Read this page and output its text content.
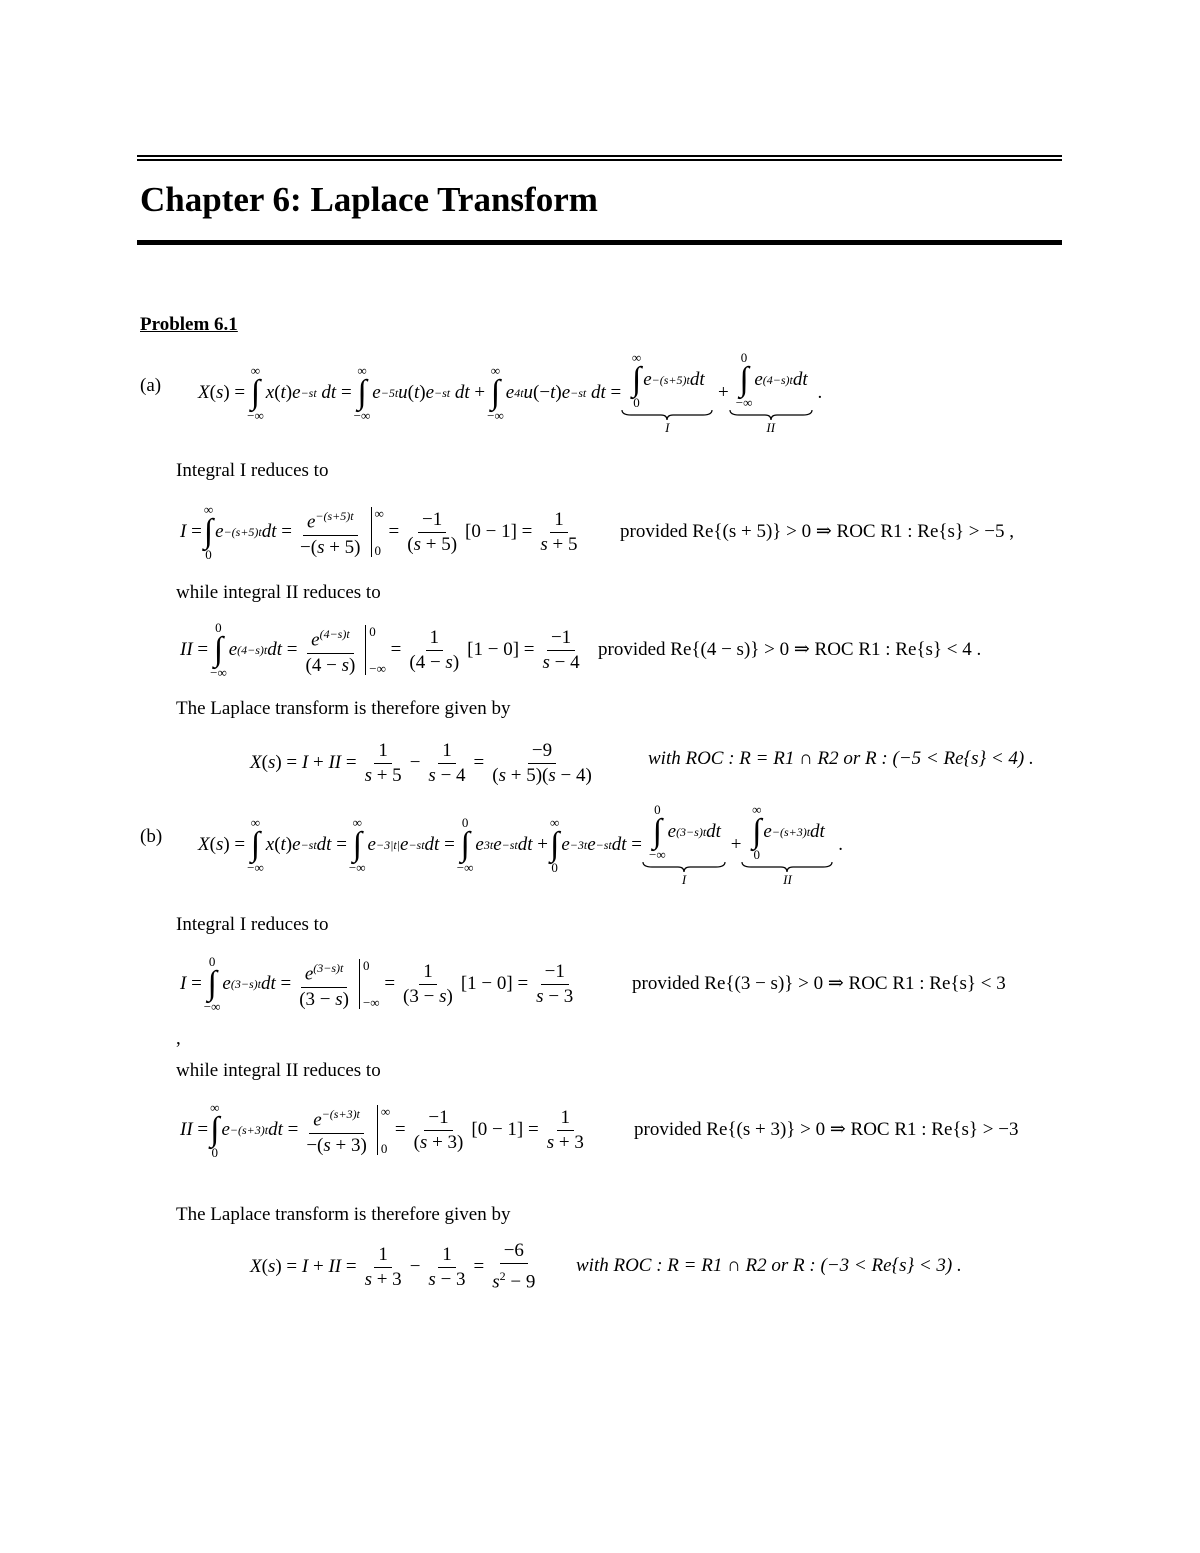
Chapter 6: Laplace Transform
Problem 6.1
(a) X ( s ) =
∞
∫
−∞
x ( t ) e −st
dt =
∞
∫
−∞
e −5t u ( t ) e −st
dt +
∞
∫
−∞
e 4t u (− t ) e −st
dt =
∞
∫
0
e −(s+5)t dt
I
+
0
∫
−∞
e (4−s)t dt
II
.
Integral I reduces to
I =
∞
∫
0
e −(s+5)t dt = $\frac{e^{-(s+5)t}}{-(s + 5)}$ ∞
0
= $\frac{-1}{(s + 5)} [0 - 1] = \frac{1}{s + 5}$ provided Re{(s + 5)} > 0 ⇒ ROC R1 : Re{s} > −5 ,
while integral II reduces to
II =
0
∫
−∞
e (4−s)t dt = $\frac{e^{(4-s)t}}{(4 - s)} 0$
−∞
= $\frac{1}{(4 - s)} [1 - 0] = \frac{-1}{s - 4}$ provided Re{(4 − s)} > 0 ⇒ ROC R1 : Re{s} < 4 .
The Laplace transform is therefore given by
X ( s ) = I + II = $\frac{1}{s + 5} - \frac{1}{s - 4} = \frac{-9}{(s + 5)(s - 4)}$	with ROC : R = R1 ∩ R2 or R : (−5 < Re{s} < 4) .
(b) X ( s ) =
∞
∫
−∞
x ( t ) e −st dt =
∞
∫
−∞
e −3|t| e −st dt =
0
∫
−∞
e 3t e −st dt +
∞
∫
0
e −3t e −st dt =
0
∫
−∞
e (3−s)t dt
I
+
∞
∫
0
e −(s+3)t dt
II
.
Integral I reduces to
I =
0
∫
−∞
e (3−s)t dt = $\frac{e^{(3-s)t}}{(3 - s)} 0$
−∞
= $\frac{1}{(3 - s)} [1 - 0] = \frac{-1}{s - 3}$	provided Re{(3 − s)} > 0 ⇒ ROC R1 : Re{s} < 3
,
while integral II reduces to
II =
∞
∫
0
e −(s+3)t dt = $\frac{e^{-(s+3)t}}{-(s + 3)}$ ∞
0
= $\frac{-1}{(s + 3)} [0 - 1] = \frac{1}{s + 3}$ provided Re{(s + 3)} > 0 ⇒ ROC R1 : Re{s} > −3
The Laplace transform is therefore given by
X ( s ) = I + II = $\frac{1}{s + 3} - \frac{1}{s - 3} = \frac{-6}{s^2 - 9}$ with ROC : R = R1 ∩ R2 or R : (−3 < Re{s} < 3) .
